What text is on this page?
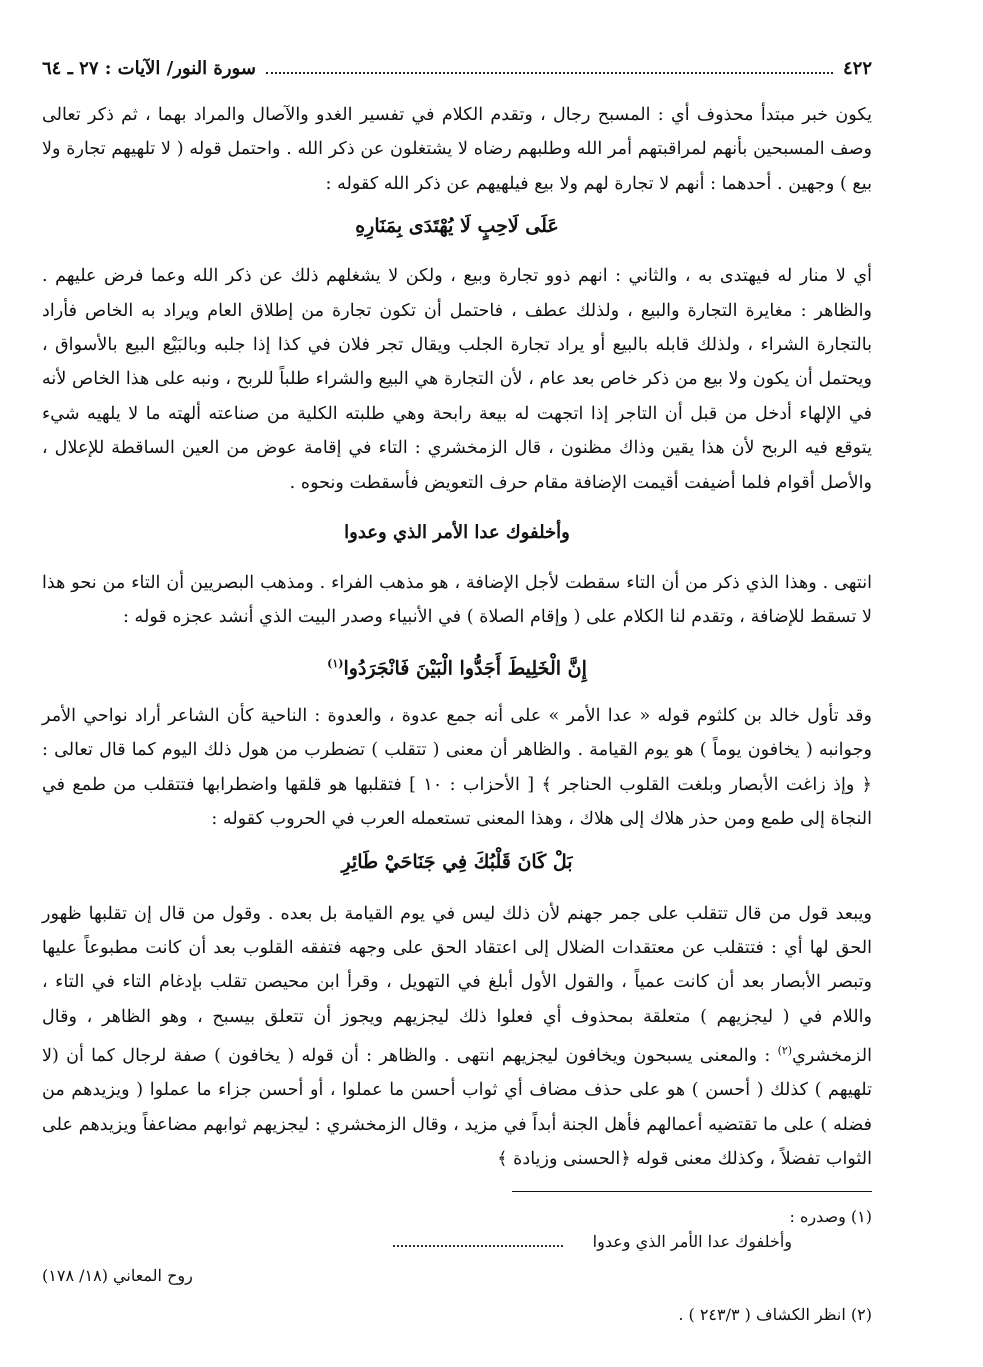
٤٢٢
سورة النور/ الآيات : ٢٧ ـ ٦٤

يكون خبر مبتدأ محذوف أي : المسبح رجال ، وتقدم الكلام في تفسير الغدو والآصال والمراد بهما ، ثم ذكر تعالى وصف المسبحين بأنهم لمراقبتهم أمر الله وطلبهم رضاه لا يشتغلون عن ذكر الله . واحتمل قوله ( لا تلهيهم تجارة ولا بيع ) وجهين . أحدهما : أنهم لا تجارة لهم ولا بيع فيلهيهم عن ذكر الله كقوله :

عَلَى لَاحِبٍ لَا يُهْتَدَى بِمَنَارِهِ

أي لا منار له فيهتدى به ، والثاني : انهم ذوو تجارة وبيع ، ولكن لا يشغلهم ذلك عن ذكر الله وعما فرض عليهم . والظاهر : مغايرة التجارة والبيع ، ولذلك عطف ، فاحتمل أن تكون تجارة من إطلاق العام ويراد به الخاص فأراد بالتجارة الشراء ، ولذلك قابله بالبيع أو يراد تجارة الجلب ويقال تجر فلان في كذا إذا جلبه وبالبَيْع البيع بالأسواق ، ويحتمل أن يكون ولا بيع من ذكر خاص بعد عام ، لأن التجارة هي البيع والشراء طلباً للربح ، ونبه على هذا الخاص لأنه في الإلهاء أدخل من قبل أن التاجر إذا اتجهت له بيعة رابحة وهي طلبته الكلية من صناعته ألهته ما لا يلهيه شيء يتوقع فيه الربح لأن هذا يقين وذاك مظنون ، قال الزمخشري : التاء في إقامة عوض من العين الساقطة للإعلال ، والأصل أقوام فلما أضيفت أقيمت الإضافة مقام حرف التعويض فأسقطت ونحوه .

وأخلفوك عدا الأمر الذي وعدوا

انتهى . وهذا الذي ذكر من أن التاء سقطت لأجل الإضافة ، هو مذهب الفراء . ومذهب البصريين أن التاء من نحو هذا لا تسقط للإضافة ، وتقدم لنا الكلام على ( وإقام الصلاة ) في الأنبياء وصدر البيت الذي أنشد عجزه قوله :

إِنَّ الْخَلِيطَ أَجَدُّوا الْبَيْنَ فَانْجَرَدُوا$^{(١)}$

وقد تأول خالد بن كلثوم قوله « عدا الأمر » على أنه جمع عدوة ، والعدوة : الناحية كأن الشاعر أراد نواحي الأمر وجوانبه ( يخافون يوماً ) هو يوم القيامة . والظاهر أن معنى ( تتقلب ) تضطرب من هول ذلك اليوم كما قال تعالى : ﴿ وإذ زاغت الأبصار وبلغت القلوب الحناجر ﴾ [ الأحزاب : ١٠ ] فتقلبها هو قلقها واضطرابها فتتقلب من طمع في النجاة إلى طمع ومن حذر هلاك إلى هلاك ، وهذا المعنى تستعمله العرب في الحروب كقوله :

بَلْ كَانَ قَلْبُكَ فِي جَنَاحَيْ طَائِرِ

ويبعد قول من قال تتقلب على جمر جهنم لأن ذلك ليس في يوم القيامة بل بعده . وقول من قال إن تقلبها ظهور الحق لها أي : فتتقلب عن معتقدات الضلال إلى اعتقاد الحق على وجهه فتفقه القلوب بعد أن كانت مطبوعاً عليها وتبصر الأبصار بعد أن كانت عمياً ، والقول الأول أبلغ في التهويل ، وقرأ ابن محيصن تقلب بإدغام التاء في التاء ، واللام في ( ليجزيهم ) متعلقة بمحذوف أي فعلوا ذلك ليجزيهم ويجوز أن تتعلق بيسبح ، وهو الظاهر ، وقال الزمخشري$^{(٢)}$ : والمعنى يسبحون ويخافون ليجزيهم انتهى . والظاهر : أن قوله ( يخافون ) صفة لرجال كما أن (لا تلهيهم ) كذلك ( أحسن ) هو على حذف مضاف أي ثواب أحسن ما عملوا ، أو أحسن جزاء ما عملوا ( ويزيدهم من فضله ) على ما تقتضيه أعمالهم فأهل الجنة أبداً في مزيد ، وقال الزمخشري : ليجزيهم ثوابهم مضاعفاً ويزيدهم على الثواب تفضلاً ، وكذلك معنى قوله ﴿الحسنى وزيادة ﴾

(١) وصدره :

وأخلفوك عدا الأمر الذي وعدوا
روح المعاني (١٨/ ١٧٨)

(٢) انظر الكشاف ( ٢٤٣/٣ ) .
